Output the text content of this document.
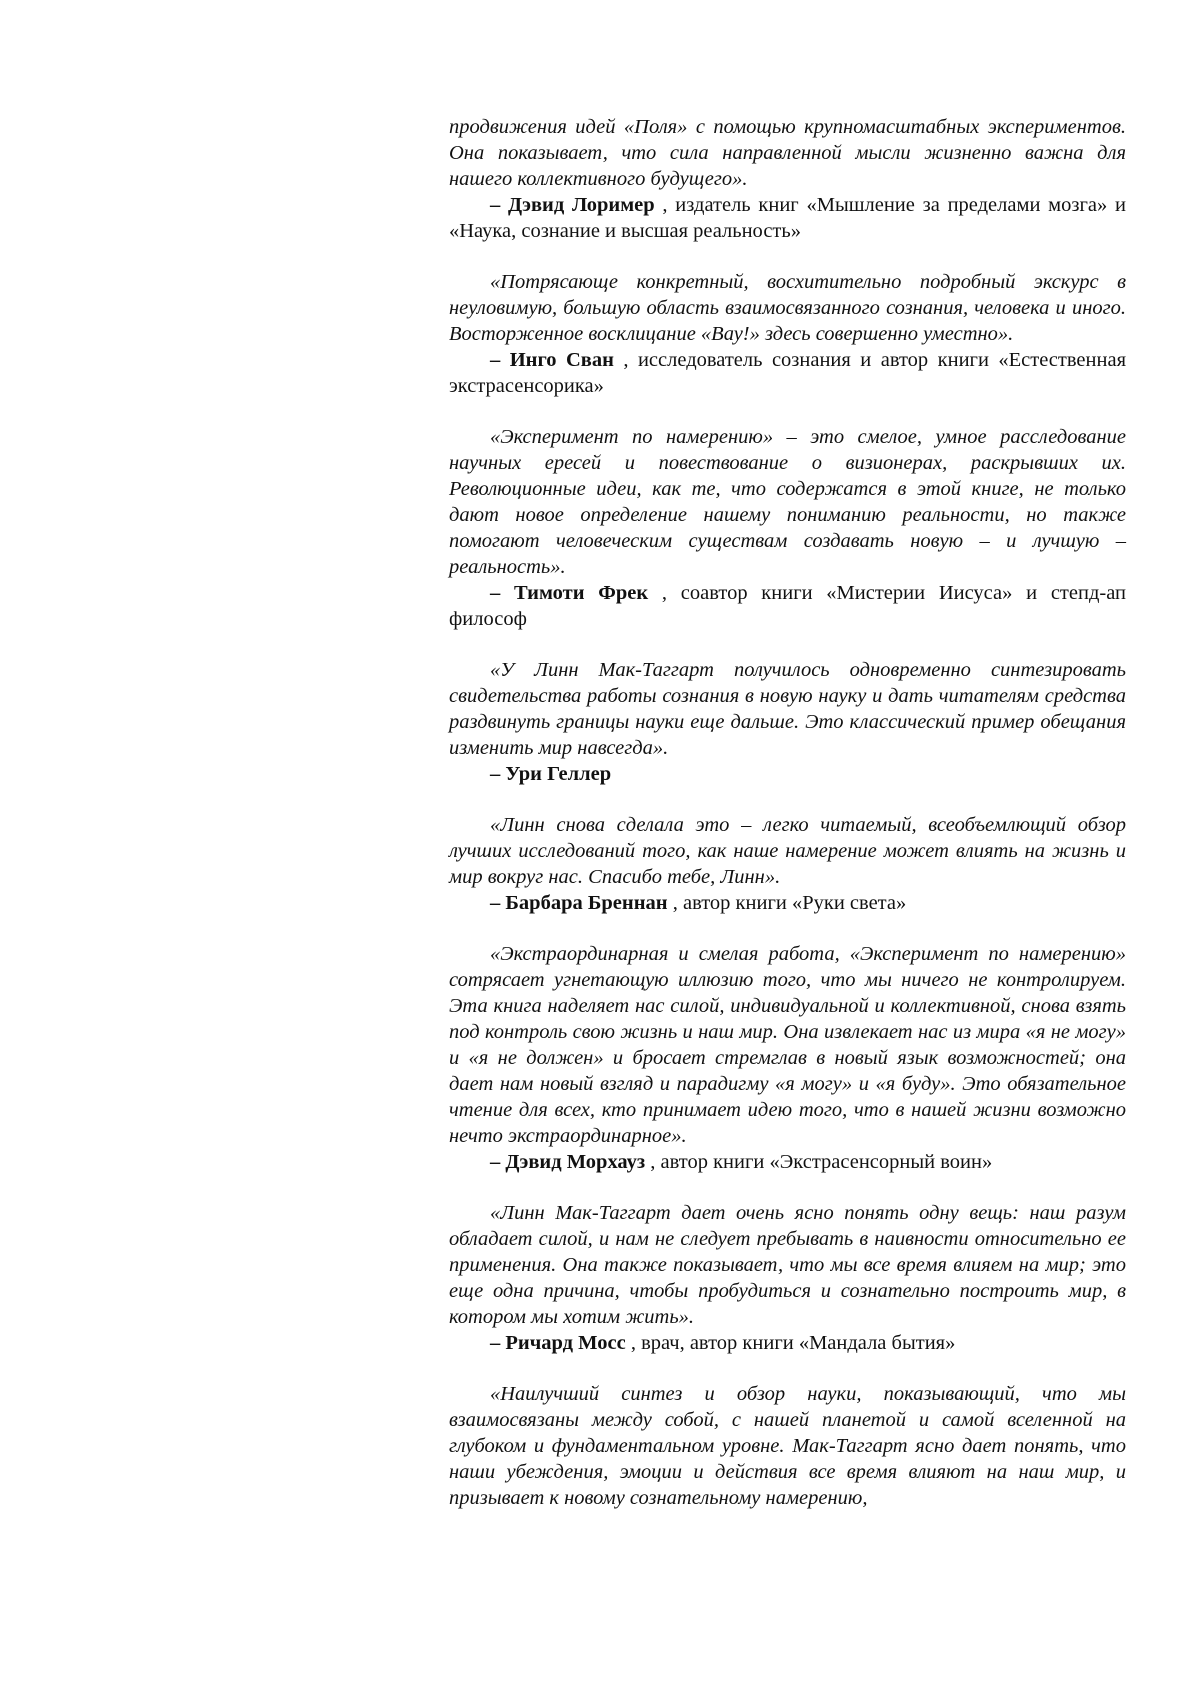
продвижения идей «Поля» с помощью крупномасштабных экспериментов. Она показывает, что сила направленной мысли жизненно важна для нашего коллективного будущего».

– Дэвид Лоример , издатель книг «Мышление за пределами мозга» и «Наука, сознание и высшая реальность»

«Потрясающе конкретный, восхитительно подробный экскурс в неуловимую, большую область взаимосвязанного сознания, человека и иного. Восторженное восклицание «Вау!» здесь совершенно уместно».

– Инго Сван , исследователь сознания и автор книги «Естественная экстрасенсорика»

«Эксперимент по намерению» – это смелое, умное расследование научных ересей и повествование о визионерах, раскрывших их. Революционные идеи, как те, что содержатся в этой книге, не только дают новое определение нашему пониманию реальности, но также помогают человеческим существам создавать новую – и лучшую – реальность».

– Тимоти Фрек , соавтор книги «Мистерии Иисуса» и степд-ап философ

«У Линн Мак-Таггарт получилось одновременно синтезировать свидетельства работы сознания в новую науку и дать читателям средства раздвинуть границы науки еще дальше. Это классический пример обещания изменить мир навсегда».

– Ури Геллер

«Линн снова сделала это – легко читаемый, всеобъемлющий обзор лучших исследований того, как наше намерение может влиять на жизнь и мир вокруг нас. Спасибо тебе, Линн».

– Барбара Бреннан , автор книги «Руки света»

«Экстраординарная и смелая работа, «Эксперимент по намерению» сотрясает угнетающую иллюзию того, что мы ничего не контролируем. Эта книга наделяет нас силой, индивидуальной и коллективной, снова взять под контроль свою жизнь и наш мир. Она извлекает нас из мира «я не могу» и «я не должен» и бросает стремглав в новый язык возможностей; она дает нам новый взгляд и парадигму «я могу» и «я буду». Это обязательное чтение для всех, кто принимает идею того, что в нашей жизни возможно нечто экстраординарное».

– Дэвид Морхауз , автор книги «Экстрасенсорный воин»

«Линн Мак-Таггарт дает очень ясно понять одну вещь: наш разум обладает силой, и нам не следует пребывать в наивности относительно ее применения. Она также показывает, что мы все время влияем на мир; это еще одна причина, чтобы пробудиться и сознательно построить мир, в котором мы хотим жить».

– Ричард Мосс , врач, автор книги «Мандала бытия»

«Наилучший синтез и обзор науки, показывающий, что мы взаимосвязаны между собой, с нашей планетой и самой вселенной на глубоком и фундаментальном уровне. Мак-Таггарт ясно дает понять, что наши убеждения, эмоции и действия все время влияют на наш мир, и призывает к новому сознательному намерению,
